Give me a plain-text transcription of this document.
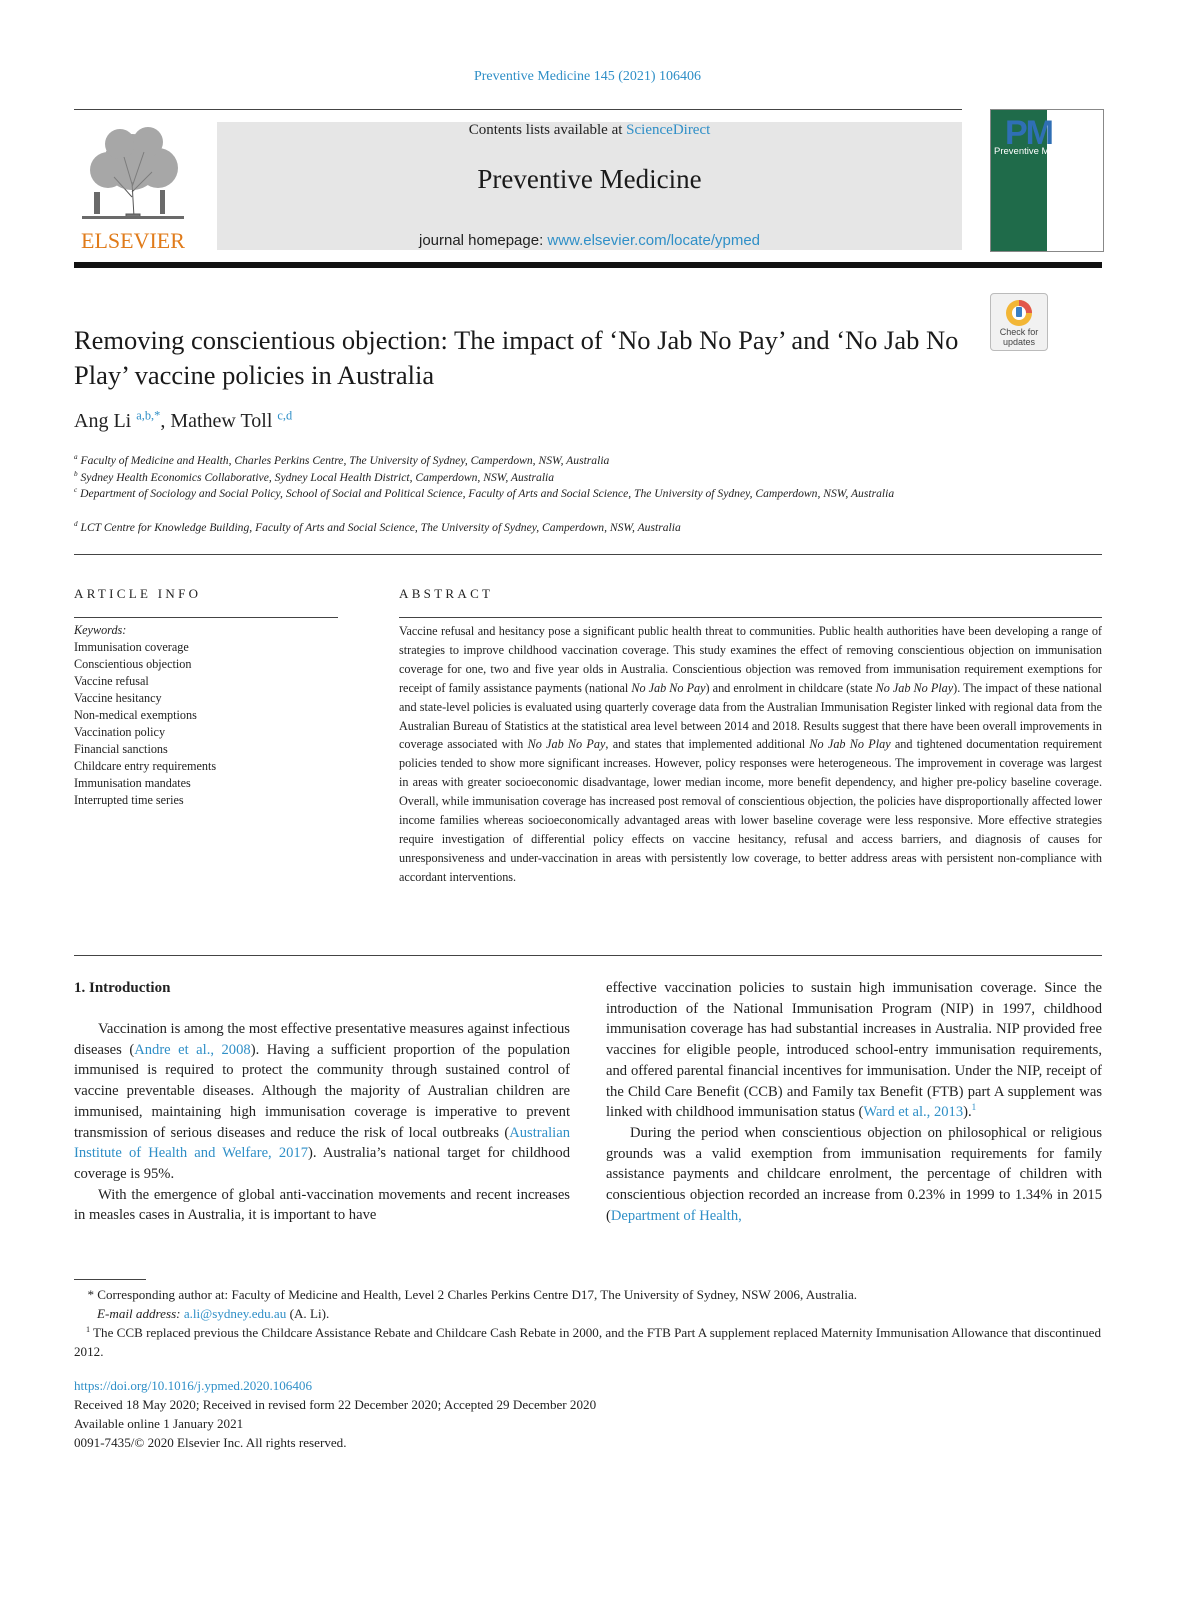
Preventive Medicine 145 (2021) 106406
ELSEVIER
Contents lists available at ScienceDirect
Preventive Medicine
journal homepage: www.elsevier.com/locate/ypmed
PM
Preventive Medicine
Check for updates
Removing conscientious objection: The impact of ‘No Jab No Pay’ and ‘No Jab No Play’ vaccine policies in Australia
Ang Li $^{a,b,*}$, Mathew Toll $^{c,d}$
$^a$ Faculty of Medicine and Health, Charles Perkins Centre, The University of Sydney, Camperdown, NSW, Australia
$^b$ Sydney Health Economics Collaborative, Sydney Local Health District, Camperdown, NSW, Australia
$^c$ Department of Sociology and Social Policy, School of Social and Political Science, Faculty of Arts and Social Science, The University of Sydney, Camperdown, NSW, Australia
$^d$ LCT Centre for Knowledge Building, Faculty of Arts and Social Science, The University of Sydney, Camperdown, NSW, Australia
ARTICLE INFO	ABSTRACT
Keywords:
Immunisation coverage
Conscientious objection
Vaccine refusal
Vaccine hesitancy
Non-medical exemptions
Vaccination policy
Financial sanctions
Childcare entry requirements
Immunisation mandates
Interrupted time series
Vaccine refusal and hesitancy pose a significant public health threat to communities. Public health authorities have been developing a range of strategies to improve childhood vaccination coverage. This study examines the effect of removing conscientious objection on immunisation coverage for one, two and five year olds in Australia. Conscientious objection was removed from immunisation requirement exemptions for receipt of family assistance payments (national No Jab No Pay) and enrolment in childcare (state No Jab No Play). The impact of these national and state-level policies is evaluated using quarterly coverage data from the Australian Immunisation Register linked with regional data from the Australian Bureau of Statistics at the statistical area level between 2014 and 2018. Results suggest that there have been overall improvements in coverage associated with No Jab No Pay, and states that implemented additional No Jab No Play and tightened documentation requirement policies tended to show more significant increases. However, policy responses were heterogeneous. The improvement in coverage was largest in areas with greater socioeconomic disadvantage, lower median income, more benefit dependency, and higher pre-policy baseline coverage. Overall, while immunisation coverage has increased post removal of conscientious objection, the policies have disproportionally affected lower income families whereas socioeconomically advantaged areas with lower baseline coverage were less responsive. More effective strategies require investigation of differential policy effects on vaccine hesitancy, refusal and access barriers, and diagnosis of causes for unresponsiveness and under-vaccination in areas with persistently low coverage, to better address areas with persistent non-compliance with accordant interventions.
1. Introduction

Vaccination is among the most effective presentative measures against infectious diseases (Andre et al., 2008). Having a sufficient proportion of the population immunised is required to protect the community through sustained control of vaccine preventable diseases. Although the majority of Australian children are immunised, maintaining high immunisation coverage is imperative to prevent transmission of serious diseases and reduce the risk of local outbreaks (Australian Institute of Health and Welfare, 2017). Australia’s national target for childhood coverage is 95%.

With the emergence of global anti-vaccination movements and recent increases in measles cases in Australia, it is important to have

effective vaccination policies to sustain high immunisation coverage. Since the introduction of the National Immunisation Program (NIP) in 1997, childhood immunisation coverage has had substantial increases in Australia. NIP provided free vaccines for eligible people, introduced school-entry immunisation requirements, and offered parental financial incentives for immunisation. Under the NIP, receipt of the Child Care Benefit (CCB) and Family tax Benefit (FTB) part A supplement was linked with childhood immunisation status (Ward et al., 2013).$^1$

During the period when conscientious objection on philosophical or religious grounds was a valid exemption from immunisation requirements for family assistance payments and childcare enrolment, the percentage of children with conscientious objection recorded an increase from 0.23% in 1999 to 1.34% in 2015 (Department of Health,

* Corresponding author at: Faculty of Medicine and Health, Level 2 Charles Perkins Centre D17, The University of Sydney, NSW 2006, Australia.
E-mail address: a.li@sydney.edu.au (A. Li).
$^1$ The CCB replaced previous the Childcare Assistance Rebate and Childcare Cash Rebate in 2000, and the FTB Part A supplement replaced Maternity Immunisation Allowance that discontinued 2012.
https://doi.org/10.1016/j.ypmed.2020.106406
Received 18 May 2020; Received in revised form 22 December 2020; Accepted 29 December 2020
Available online 1 January 2021
0091-7435/© 2020 Elsevier Inc. All rights reserved.
